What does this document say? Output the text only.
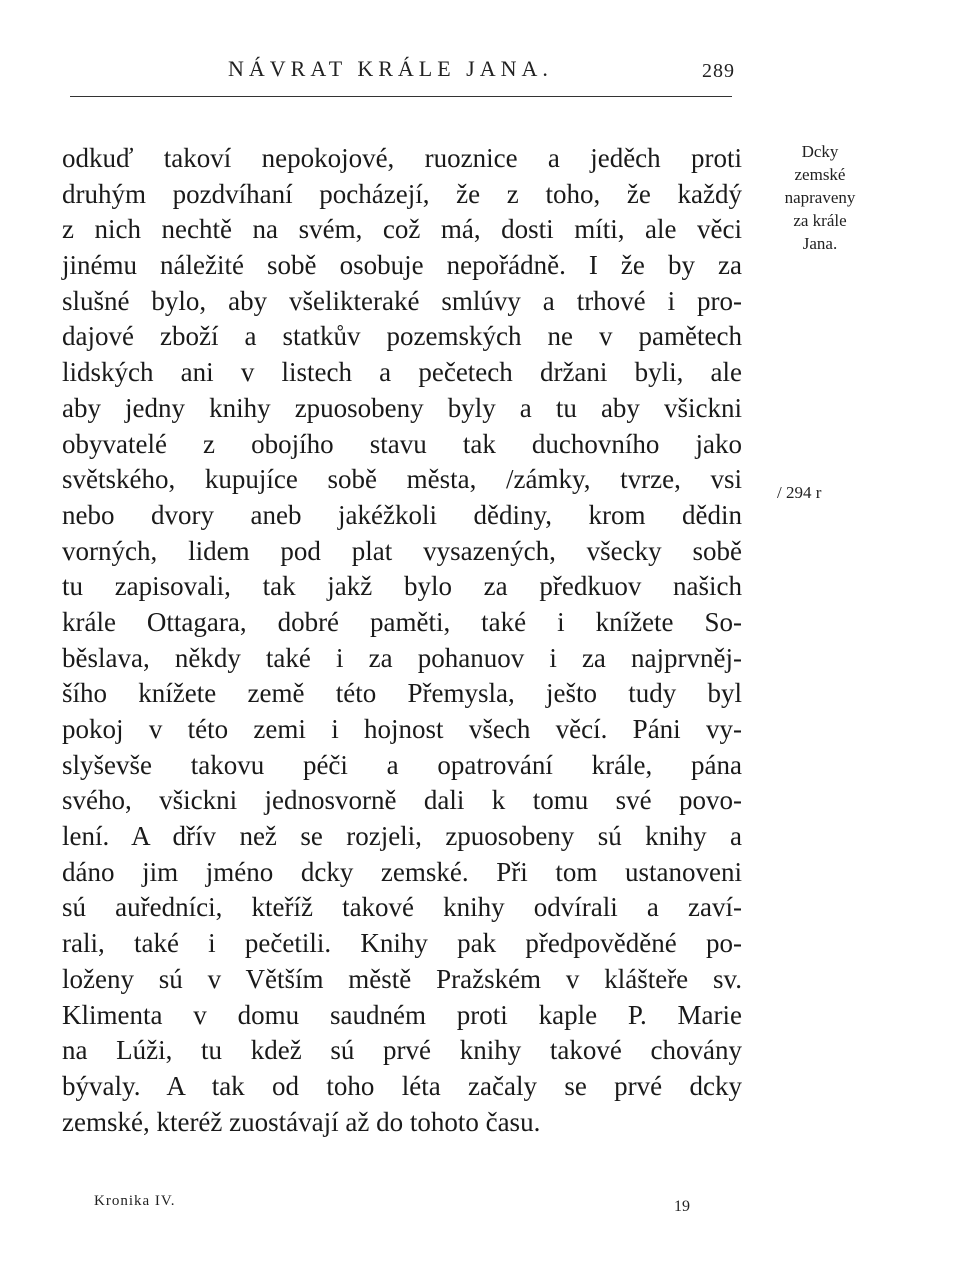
NÁVRAT KRÁLE JANA.	289
odkuď takoví nepokojové, ruoznice a jeděch proti
druhým pozdvíhaní pocházejí, že z toho, že každý
z nich nechtě na svém, což má, dosti míti, ale věci
jinému náležité sobě osobuje nepořádně. I že by za
slušné bylo, aby všelikteraké smlúvy a trhové i pro-
dajové zboží a statkův pozemských ne v pamětech
lidských ani v listech a pečetech držani byli, ale
aby jedny knihy zpuosobeny byly a tu aby všickni
obyvatelé z obojího stavu tak duchovního jako
světského, kupujíce sobě města, /zámky, tvrze, vsi
nebo dvory aneb jakéžkoli dědiny, krom dědin
vorných, lidem pod plat vysazených, všecky sobě
tu zapisovali, tak jakž bylo za předkuov našich
krále Ottagara, dobré paměti, také i knížete So-
běslava, někdy také i za pohanuov i za najprvněj-
šího knížete země této Přemysla, ješto tudy byl
pokoj v této zemi i hojnost všech věcí. Páni vy-
slyševše takovu péči a opatrování krále, pána
svého, všickni jednosvorně dali k tomu své povo-
lení. A dřív než se rozjeli, zpuosobeny sú knihy a
dáno jim jméno dcky zemské. Při tom ustanoveni
sú auředníci, kteříž takové knihy odvírali a zaví-
rali, také i pečetili. Knihy pak předpověděné po-
loženy sú v Větším městě Pražském v klášteře sv.
Klimenta v domu saudném proti kaple P. Marie
na Lúži, tu kdež sú prvé knihy takové chovány
bývaly. A tak od toho léta začaly se prvé dcky
zemské, kteréž zuostávají až do tohoto času.
Dcky
zemské
napraveny
za krále
Jana.
/ 294 r
Kronika IV.	19
